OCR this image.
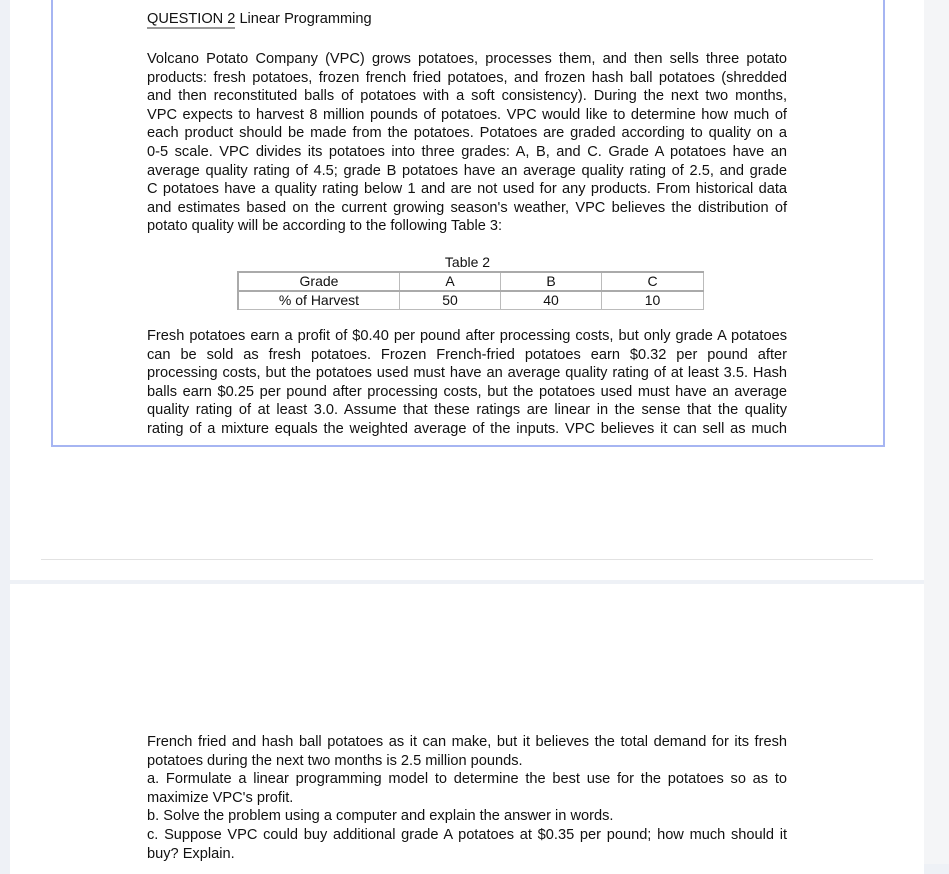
QUESTION 2 Linear Programming
Volcano Potato Company (VPC) grows potatoes, processes them, and then sells three potato
products: fresh potatoes, frozen french fried potatoes, and frozen hash ball potatoes (shredded
and then reconstituted balls of potatoes with a soft consistency). During the next two months,
VPC expects to harvest 8 million pounds of potatoes. VPC would like to determine how much of
each product should be made from the potatoes. Potatoes are graded according to quality on a
0-5 scale. VPC divides its potatoes into three grades: A, B, and C. Grade A potatoes have an
average quality rating of 4.5; grade B potatoes have an average quality rating of 2.5, and grade
C potatoes have a quality rating below 1 and are not used for any products. From historical data
and estimates based on the current growing season's weather, VPC believes the distribution of
potato quality will be according to the following Table 3:
Table 2
Grade	A	B	C
% of Harvest	50	40	10
Fresh potatoes earn a profit of $0.40 per pound after processing costs, but only grade A potatoes
can be sold as fresh potatoes. Frozen French-fried potatoes earn $0.32 per pound after
processing costs, but the potatoes used must have an average quality rating of at least 3.5. Hash
balls earn $0.25 per pound after processing costs, but the potatoes used must have an average
quality rating of at least 3.0. Assume that these ratings are linear in the sense that the quality
rating of a mixture equals the weighted average of the inputs. VPC believes it can sell as much
French fried and hash ball potatoes as it can make, but it believes the total demand for its fresh
potatoes during the next two months is 2.5 million pounds.
a. Formulate a linear programming model to determine the best use for the potatoes so as to
maximize VPC's profit.
b. Solve the problem using a computer and explain the answer in words.
c. Suppose VPC could buy additional grade A potatoes at $0.35 per pound; how much should it
buy? Explain.
